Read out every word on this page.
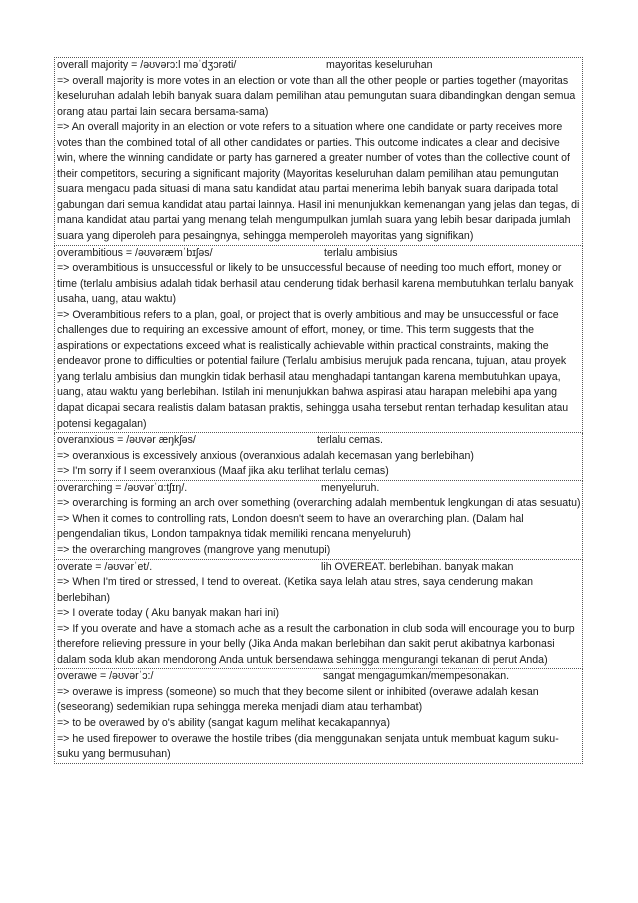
overall majority = /əʊvərɔ:l məˈdʒɔrəti/	mayoritas keseluruhan
=> overall majority is more votes in an election or vote than all the other people or parties together (mayoritas keseluruhan adalah lebih banyak suara dalam pemilihan atau pemungutan suara dibandingkan dengan semua orang atau partai lain secara bersama-sama)
=> An overall majority in an election or vote refers to a situation where one candidate or party receives more votes than the combined total of all other candidates or parties. This outcome indicates a clear and decisive win, where the winning candidate or party has garnered a greater number of votes than the collective count of their competitors, securing a significant majority (Mayoritas keseluruhan dalam pemilihan atau pemungutan suara mengacu pada situasi di mana satu kandidat atau partai menerima lebih banyak suara daripada total gabungan dari semua kandidat atau partai lainnya. Hasil ini menunjukkan kemenangan yang jelas dan tegas, di mana kandidat atau partai yang menang telah mengumpulkan jumlah suara yang lebih besar daripada jumlah suara yang diperoleh para pesaingnya, sehingga memperoleh mayoritas yang signifikan)
overambitious = /əʊvəræmˈbɪʃəs/	terlalu ambisius
=> overambitious is unsuccessful or likely to be unsuccessful because of needing too much effort, money or time (terlalu ambisius adalah tidak berhasil atau cenderung tidak berhasil karena membutuhkan terlalu banyak usaha, uang, atau waktu)
=> Overambitious refers to a plan, goal, or project that is overly ambitious and may be unsuccessful or face challenges due to requiring an excessive amount of effort, money, or time. This term suggests that the aspirations or expectations exceed what is realistically achievable within practical constraints, making the endeavor prone to difficulties or potential failure (Terlalu ambisius merujuk pada rencana, tujuan, atau proyek yang terlalu ambisius dan mungkin tidak berhasil atau menghadapi tantangan karena membutuhkan upaya, uang, atau waktu yang berlebihan. Istilah ini menunjukkan bahwa aspirasi atau harapan melebihi apa yang dapat dicapai secara realistis dalam batasan praktis, sehingga usaha tersebut rentan terhadap kesulitan atau potensi kegagalan)
overanxious = /əʊvər æŋkʃəs/	terlalu cemas.
=> overanxious is excessively anxious (overanxious adalah kecemasan yang berlebihan)
=> I'm sorry if I seem overanxious (Maaf jika aku terlihat terlalu cemas)
overarching = /əʊvərˈɑ:tʃɪŋ/.	menyeluruh.
=> overarching is forming an arch over something (overarching adalah membentuk lengkungan di atas sesuatu)
=> When it comes to controlling rats, London doesn't seem to have an overarching plan. (Dalam hal pengendalian tikus, London tampaknya tidak memiliki rencana menyeluruh)
=> the overarching mangroves (mangrove yang menutupi)
overate = /əʊvərˈet/.	lih OVEREAT. berlebihan. banyak makan
=> When I'm tired or stressed, I tend to overeat. (Ketika saya lelah atau stres, saya cenderung makan berlebihan)
=> I overate today ( Aku banyak makan hari ini)
=> If you overate and have a stomach ache as a result the carbonation in club soda will encourage you to burp therefore relieving pressure in your belly (Jika Anda makan berlebihan dan sakit perut akibatnya karbonasi dalam soda klub akan mendorong Anda untuk bersendawa sehingga mengurangi tekanan di perut Anda)
overawe = /əʊvərˈɔ:/	sangat mengagumkan/mempesonakan.
=> overawe is impress (someone) so much that they become silent or inhibited (overawe adalah kesan (seseorang) sedemikian rupa sehingga mereka menjadi diam atau terhambat)
=> to be overawed by o's ability (sangat kagum melihat kecakapannya)
=> he used firepower to overawe the hostile tribes (dia menggunakan senjata untuk membuat kagum suku-suku yang bermusuhan)
